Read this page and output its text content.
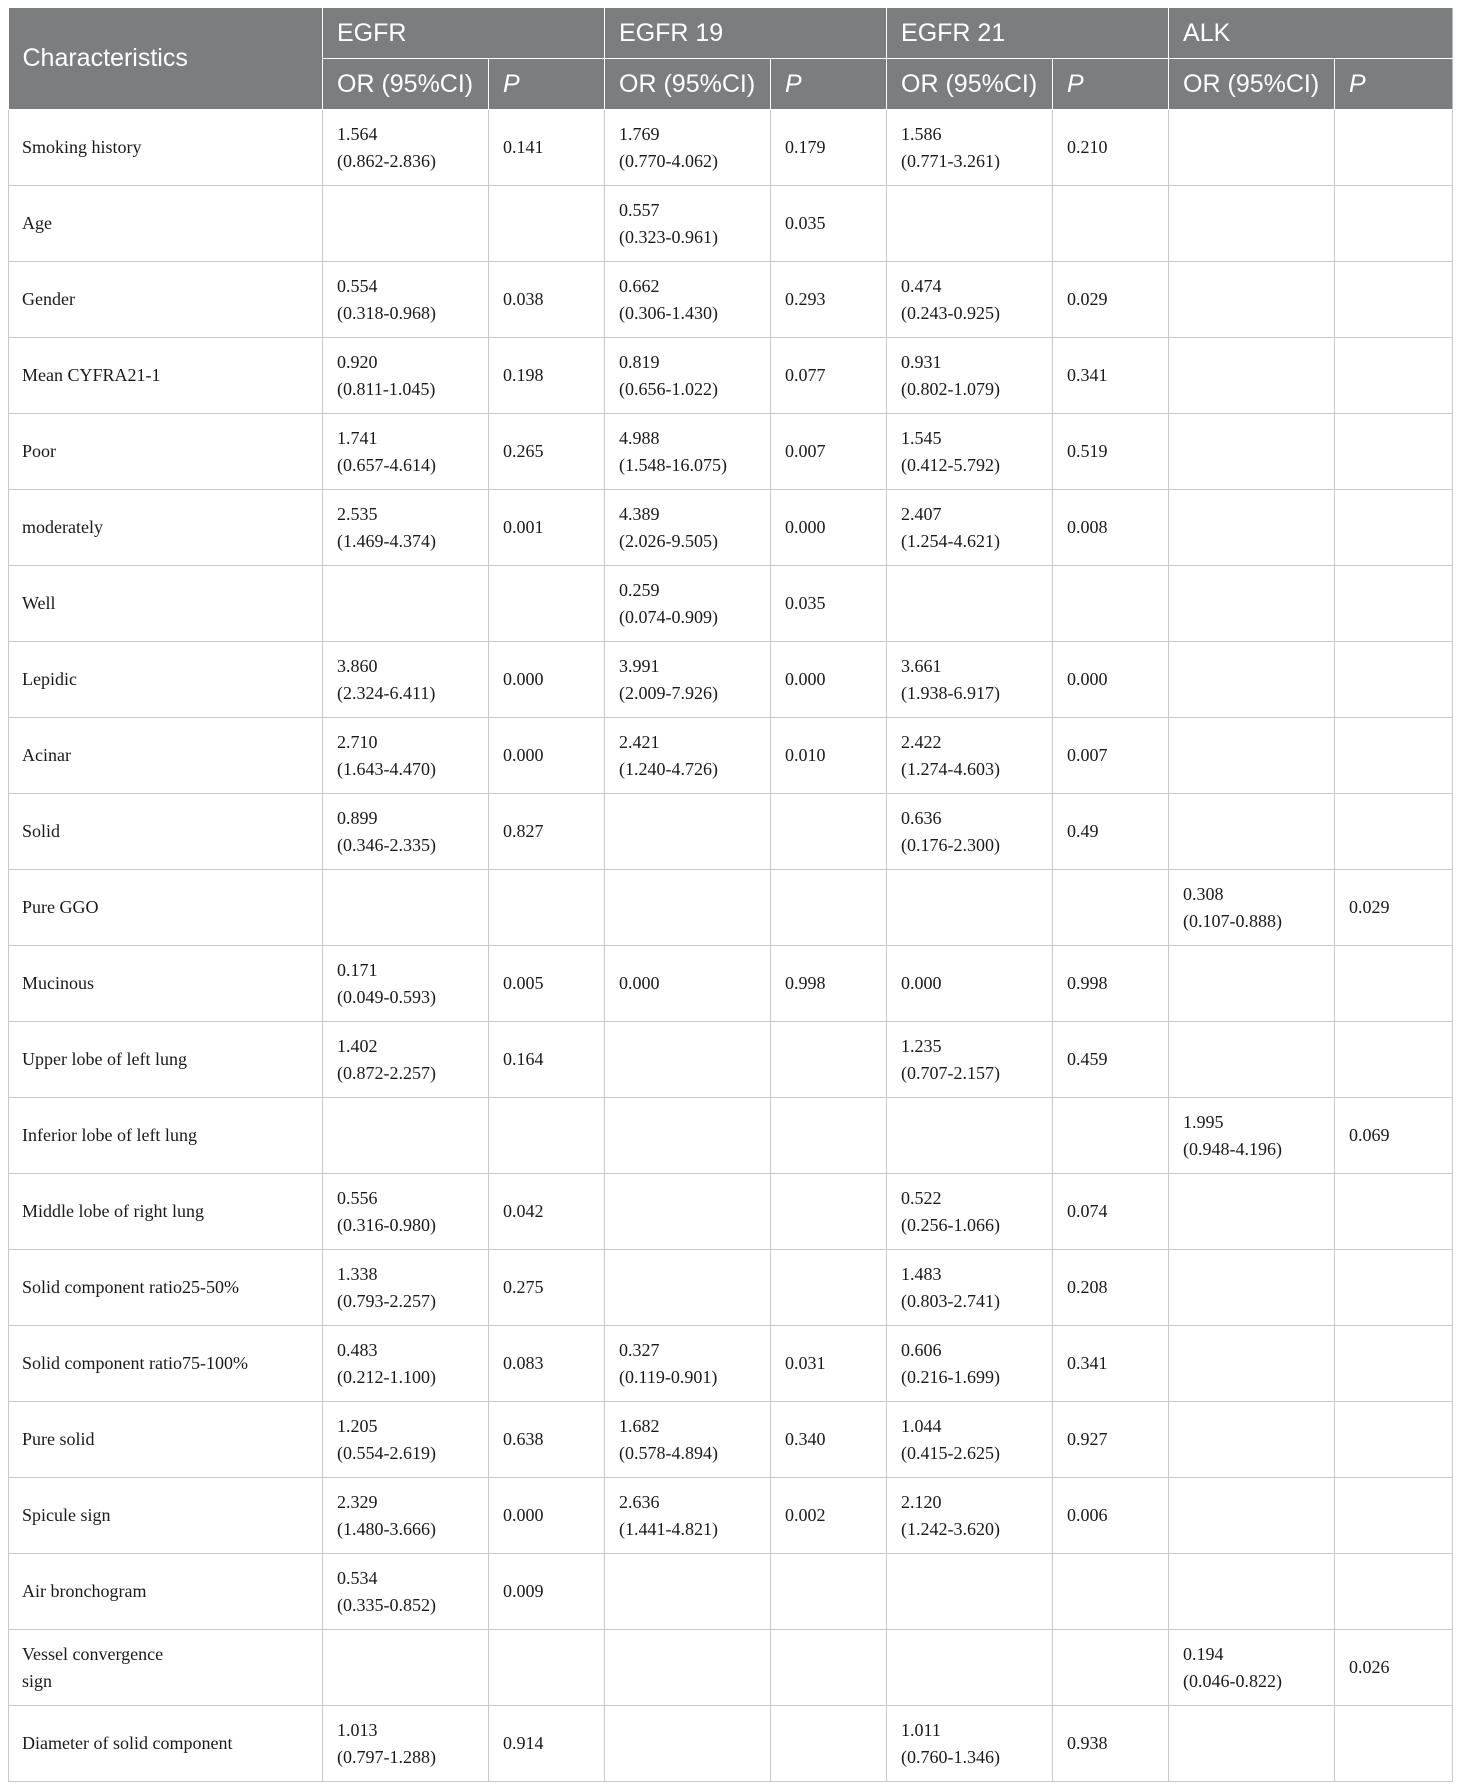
Characteristics	EGFR		EGFR 19		EGFR 21		ALK	
	OR (95%CI)	P	OR (95%CI)	P	OR (95%CI)	P	OR (95%CI)	P
Smoking history	1.564
(0.862-2.836)	0.141	1.769
(0.770-4.062)	0.179	1.586
(0.771-3.261)	0.210	

Age			0.557
(0.323-0.961)	0.035	

Gender	0.554
(0.318-0.968)	0.038	0.662
(0.306-1.430)	0.293	0.474
(0.243-0.925)	0.029	

Mean CYFRA21-1	0.920
(0.811-1.045)	0.198	0.819
(0.656-1.022)	0.077	0.931
(0.802-1.079)	0.341	

Poor	1.741
(0.657-4.614)	0.265	4.988
(1.548-16.075)	0.007	1.545
(0.412-5.792)	0.519	

moderately	2.535
(1.469-4.374)	0.001	4.389
(2.026-9.505)	0.000	2.407
(1.254-4.621)	0.008	

Well			0.259
(0.074-0.909)	0.035	

Lepidic	3.860
(2.324-6.411)	0.000	3.991
(2.009-7.926)	0.000	3.661
(1.938-6.917)	0.000	

Acinar	2.710
(1.643-4.470)	0.000	2.421
(1.240-4.726)	0.010	2.422
(1.274-4.603)	0.007	

Solid	0.899
(0.346-2.335)	0.827			0.636
(0.176-2.300)	0.49	

Pure GGO							0.308
(0.107-0.888)	0.029
Mucinous	0.171
(0.049-0.593)	0.005	0.000	0.998	0.000	0.998	

Upper lobe of left lung	1.402
(0.872-2.257)	0.164			1.235
(0.707-2.157)	0.459	

Inferior lobe of left lung							1.995
(0.948-4.196)	0.069
Middle lobe of right lung	0.556
(0.316-0.980)	0.042			0.522
(0.256-1.066)	0.074	

Solid component ratio25-50%	1.338
(0.793-2.257)	0.275			1.483
(0.803-2.741)	0.208	

Solid component ratio75-100%	0.483
(0.212-1.100)	0.083	0.327
(0.119-0.901)	0.031	0.606
(0.216-1.699)	0.341	

Pure solid	1.205
(0.554-2.619)	0.638	1.682
(0.578-4.894)	0.340	1.044
(0.415-2.625)	0.927	

Spicule sign	2.329
(1.480-3.666)	0.000	2.636
(1.441-4.821)	0.002	2.120
(1.242-3.620)	0.006	

Air bronchogram	0.534
(0.335-0.852)	0.009	

Vessel convergence
sign							0.194
(0.046-0.822)	0.026
Diameter of solid component	1.013
(0.797-1.288)	0.914			1.011
(0.760-1.346)	0.938	
